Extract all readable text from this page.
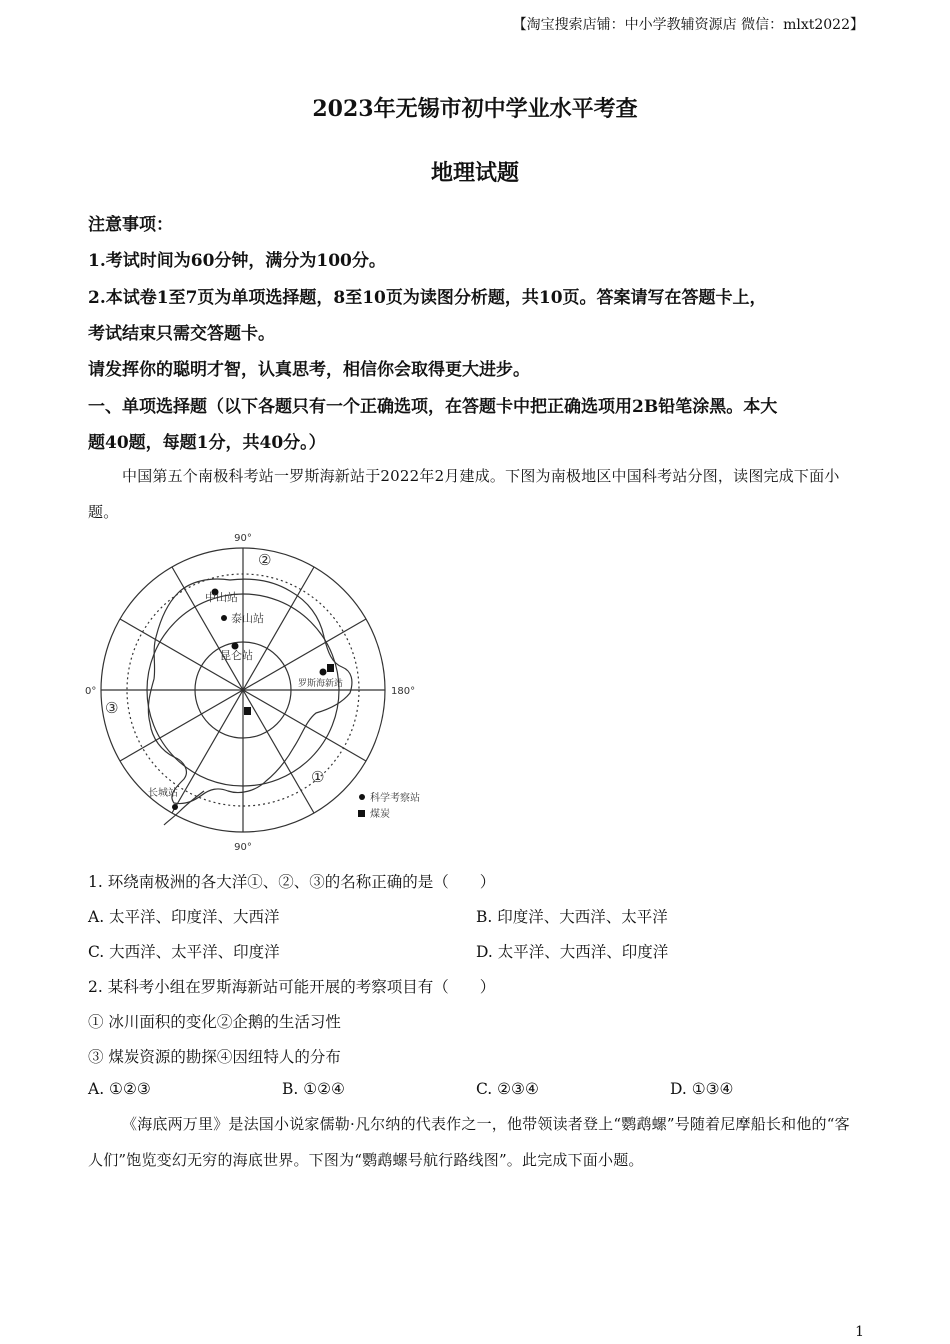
【淘宝搜索店铺：中小学教辅资源店 微信：mlxt2022】
2023年无锡市初中学业水平考查
地理试题
注意事项：
1.考试时间为60分钟，满分为100分。
2.本试卷1至7页为单项选择题，8至10页为读图分析题，共10页。答案请写在答题卡上，
考试结束只需交答题卡。
请发挥你的聪明才智，认真思考，相信你会取得更大进步。
一、单项选择题（以下各题只有一个正确选项，在答题卡中把正确选项用2B铅笔涂黑。本大
题40题，每题1分，共40分。）
中国第五个南极科考站一罗斯海新站于2022年2月建成。下图为南极地区中国科考站分图，读图完成下面小题。
90°
90°
0°	180°
中山站
泰山站
昆仑站
罗斯海新站
长城站	科学考察站
煤炭
②
③
①
1. 环绕南极洲的各大洋①、②、③的名称正确的是（　　）
A. 太平洋、印度洋、大西洋	B. 印度洋、大西洋、太平洋
C. 大西洋、太平洋、印度洋	D. 太平洋、大西洋、印度洋
2. 某科考小组在罗斯海新站可能开展的考察项目有（　　）
① 冰川面积的变化②企鹅的生活习性
③ 煤炭资源的勘探④因纽特人的分布
A. ①②③	B. ①②④	C. ②③④	D. ①③④
《海底两万里》是法国小说家儒勒·凡尔纳的代表作之一，他带领读者登上“鹦鹉螺”号随着尼摩船长和他的“客人们”饱览变幻无穷的海底世界。下图为“鹦鹉螺号航行路线图”。此完成下面小题。
1
